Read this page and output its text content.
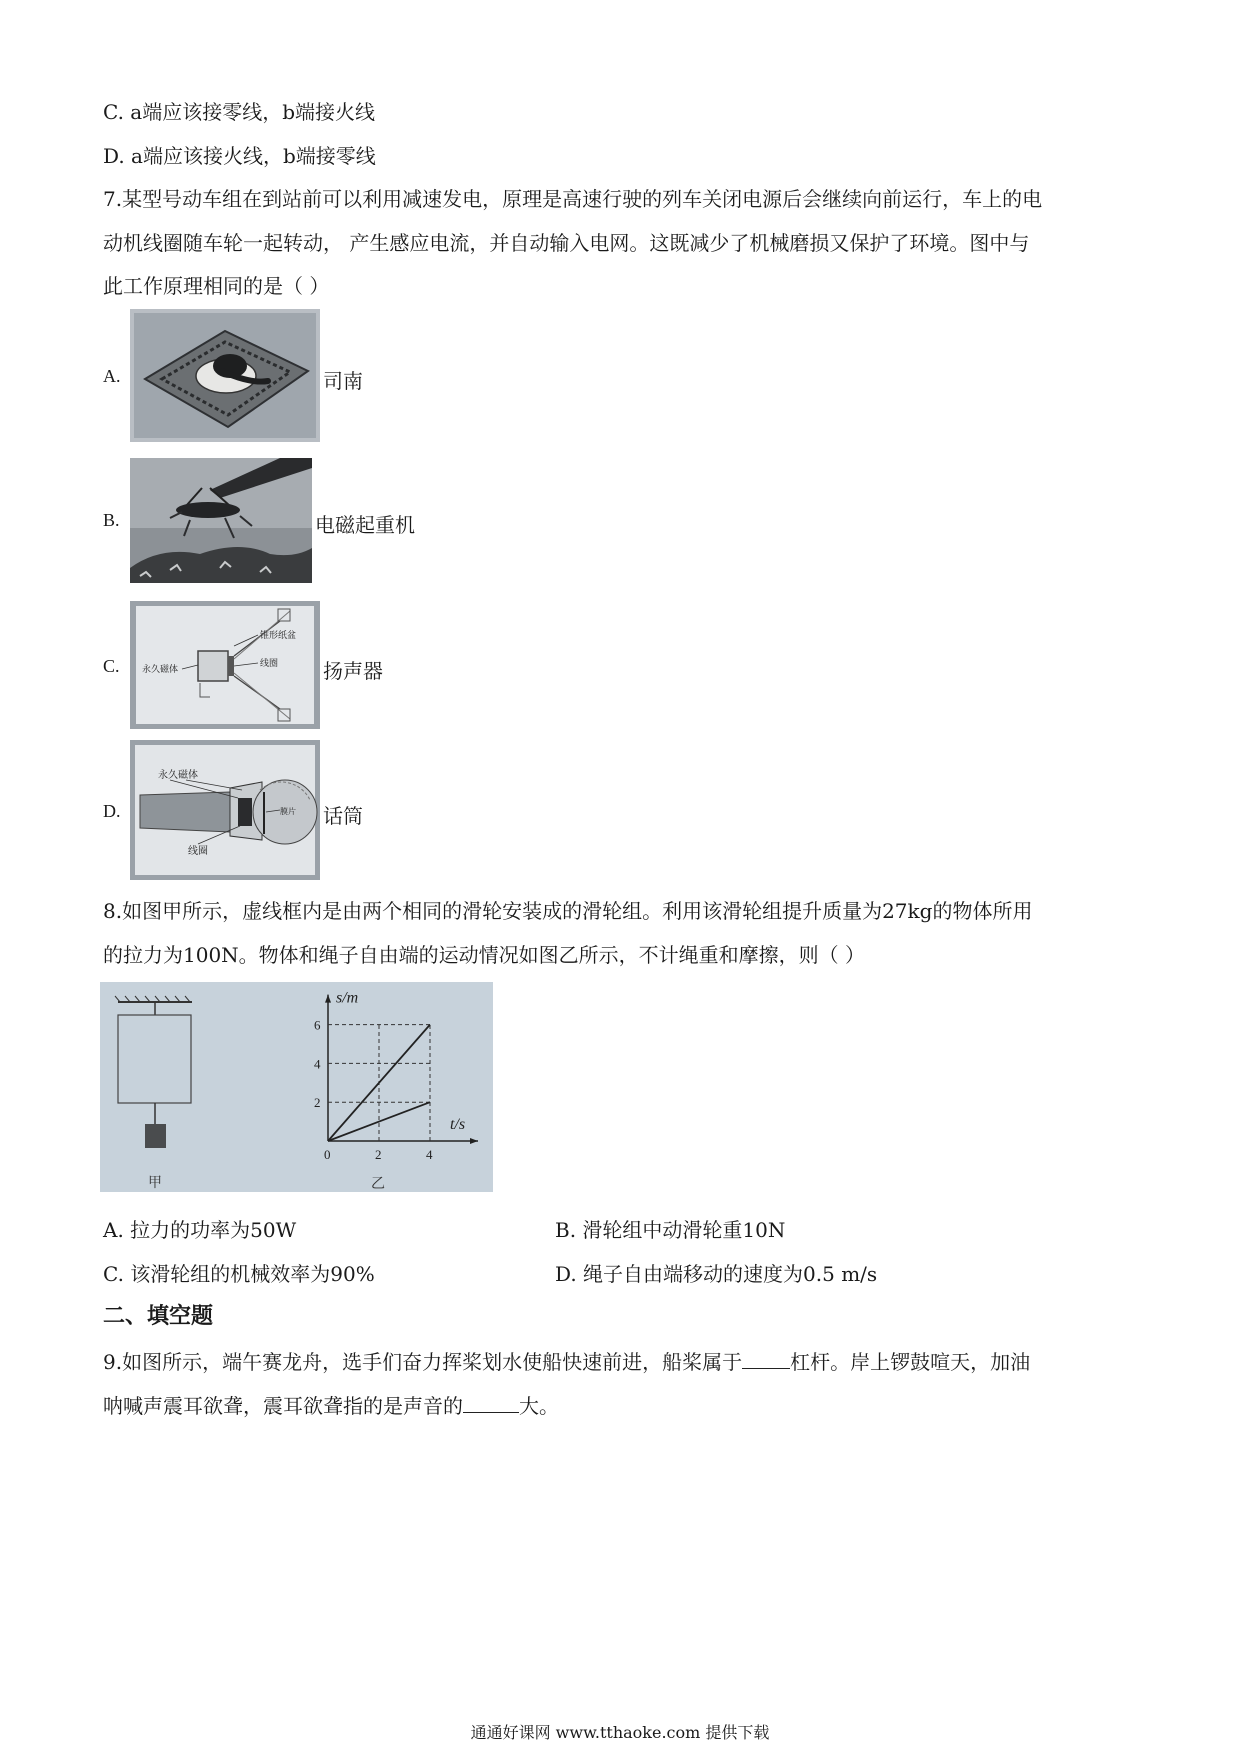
C. a端应该接零线，b端接火线
D. a端应该接火线，b端接零线
7.某型号动车组在到站前可以利用减速发电，原理是高速行驶的列车关闭电源后会继续向前运行，车上的电
动机线圈随车轮一起转动， 产生感应电流，并自动输入电网。这既减少了机械磨损又保护了环境。图中与
此工作原理相同的是（ ）
A.	司南
B.	电磁起重机
C. 永久磁体
锥形纸盆
线圈 扬声器
D.
永久磁体
线圈
膜片 话筒
8.如图甲所示，虚线框内是由两个相同的滑轮安装成的滑轮组。利用该滑轮组提升质量为27kg的物体所用
的拉力为100N。物体和绳子自由端的运动情况如图乙所示，不计绳重和摩擦，则（ ）
甲
0	2	4
2
4
6
s/m
t/s
乙
A. 拉力的功率为50W	B. 滑轮组中动滑轮重10N
C. 该滑轮组的机械效率为90%	D. 绳子自由端移动的速度为0.5 m/s
二、填空题
9.如图所示，端午赛龙舟，选手们奋力挥桨划水使船快速前进，船桨属于 杠杆。岸上锣鼓喧天，加油
呐喊声震耳欲聋，震耳欲聋指的是声音的	大。
通通好课网 www.tthaoke.com 提供下载
